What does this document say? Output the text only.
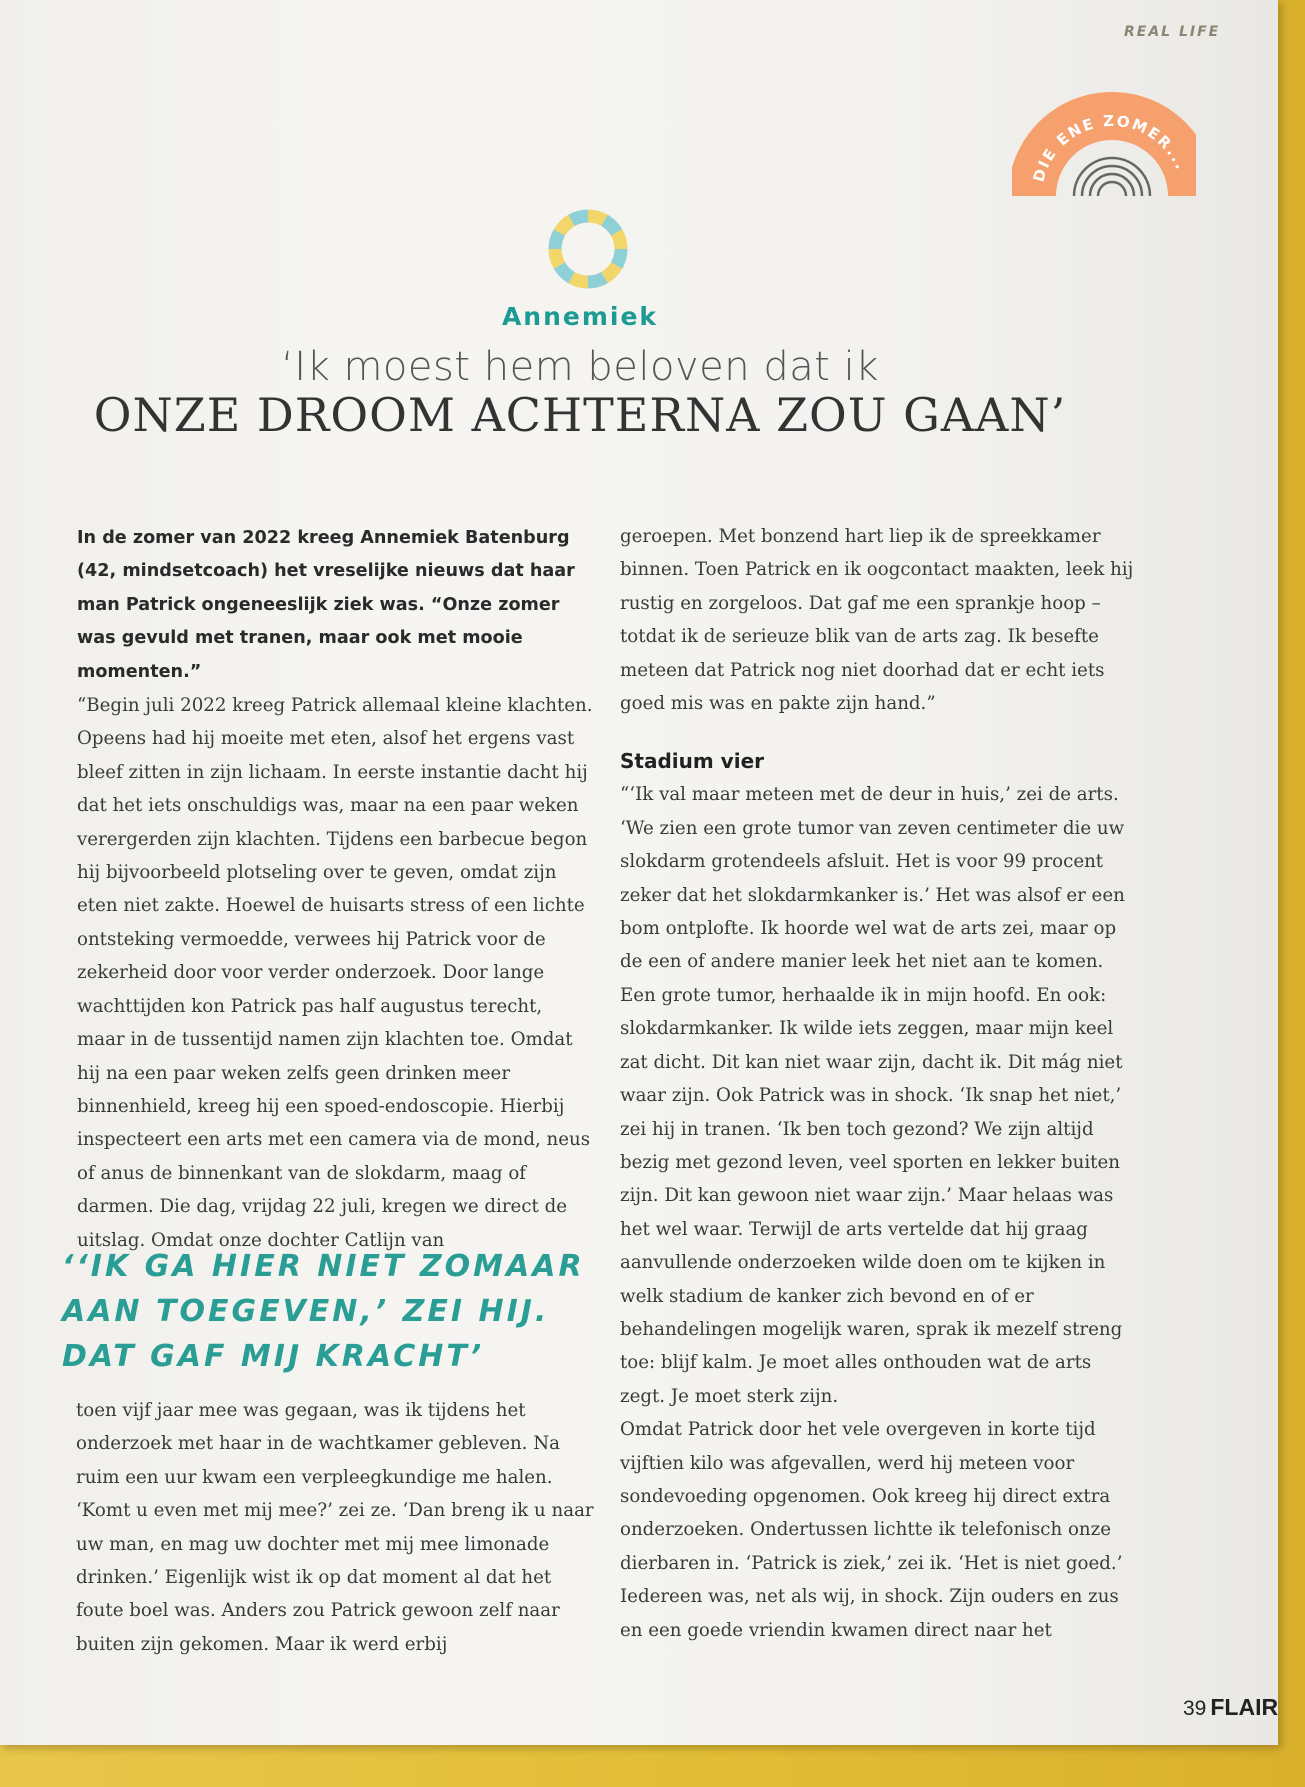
REAL LIFE
DIE ENE ZOMER...
Annemiek
‘Ik moest hem beloven dat ik
ONZE DROOM ACHTERNA ZOU GAAN’

In de zomer van 2022 kreeg Annemiek Batenburg (42, mindsetcoach) het vreselijke nieuws dat haar man Patrick ongeneeslijk ziek was. “Onze zomer was gevuld met tranen, maar ook met mooie momenten.”

“Begin juli 2022 kreeg Patrick allemaal kleine klachten. Opeens had hij moeite met eten, alsof het ergens vast bleef zitten in zijn lichaam. In eerste instantie dacht hij dat het iets onschuldigs was, maar na een paar weken verergerden zijn klachten. Tijdens een barbecue begon hij bijvoorbeeld plotseling over te geven, omdat zijn eten niet zakte. Hoewel de huisarts stress of een lichte ontsteking vermoedde, verwees hij Patrick voor de zekerheid door voor verder onderzoek. Door lange wachttijden kon Patrick pas half augustus terecht, maar in de tussentijd namen zijn klachten toe. Omdat hij na een paar weken zelfs geen drinken meer binnenhield, kreeg hij een spoed-endoscopie. Hierbij inspecteert een arts met een camera via de mond, neus of anus de binnenkant van de slokdarm, maag of darmen. Die dag, vrijdag 22 juli, kregen we direct de uitslag. Omdat onze dochter Catlijn van

‘‘IK GA HIER NIET ZOMAAR AAN TOEGEVEN,’ ZEI HIJ. DAT GAF MIJ KRACHT’

toen vijf jaar mee was gegaan, was ik tijdens het onderzoek met haar in de wachtkamer gebleven. Na ruim een uur kwam een verpleegkundige me halen. ‘Komt u even met mij mee?’ zei ze. ‘Dan breng ik u naar uw man, en mag uw dochter met mij mee limonade drinken.’ Eigenlijk wist ik op dat moment al dat het foute boel was. Anders zou Patrick gewoon zelf naar buiten zijn gekomen. Maar ik werd erbij

geroepen. Met bonzend hart liep ik de spreekkamer binnen. Toen Patrick en ik oogcontact maakten, leek hij rustig en zorgeloos. Dat gaf me een sprankje hoop – totdat ik de serieuze blik van de arts zag. Ik besefte meteen dat Patrick nog niet doorhad dat er echt iets goed mis was en pakte zijn hand.”

Stadium vier

“‘Ik val maar meteen met de deur in huis,’ zei de arts. ‘We zien een grote tumor van zeven centimeter die uw slokdarm grotendeels afsluit. Het is voor 99 procent zeker dat het slokdarmkanker is.’ Het was alsof er een bom ontplofte. Ik hoorde wel wat de arts zei, maar op de een of andere manier leek het niet aan te komen. Een grote tumor, herhaalde ik in mijn hoofd. En ook: slokdarmkanker. Ik wilde iets zeggen, maar mijn keel zat dicht. Dit kan niet waar zijn, dacht ik. Dit mág niet waar zijn. Ook Patrick was in shock. ‘Ik snap het niet,’ zei hij in tranen. ‘Ik ben toch gezond? We zijn altijd bezig met gezond leven, veel sporten en lekker buiten zijn. Dit kan gewoon niet waar zijn.’ Maar helaas was het wel waar. Terwijl de arts vertelde dat hij graag aanvullende onderzoeken wilde doen om te kijken in welk stadium de kanker zich bevond en of er behandelingen mogelijk waren, sprak ik mezelf streng toe: blijf kalm. Je moet alles onthouden wat de arts zegt. Je moet sterk zijn.

Omdat Patrick door het vele overgeven in korte tijd vijftien kilo was afgevallen, werd hij meteen voor sondevoeding opgenomen. Ook kreeg hij direct extra onderzoeken. Ondertussen lichtte ik telefonisch onze dierbaren in. ‘Patrick is ziek,’ zei ik. ‘Het is niet goed.’ Iedereen was, net als wij, in shock. Zijn ouders en zus en een goede vriendin kwamen direct naar het

39 FLAIR
